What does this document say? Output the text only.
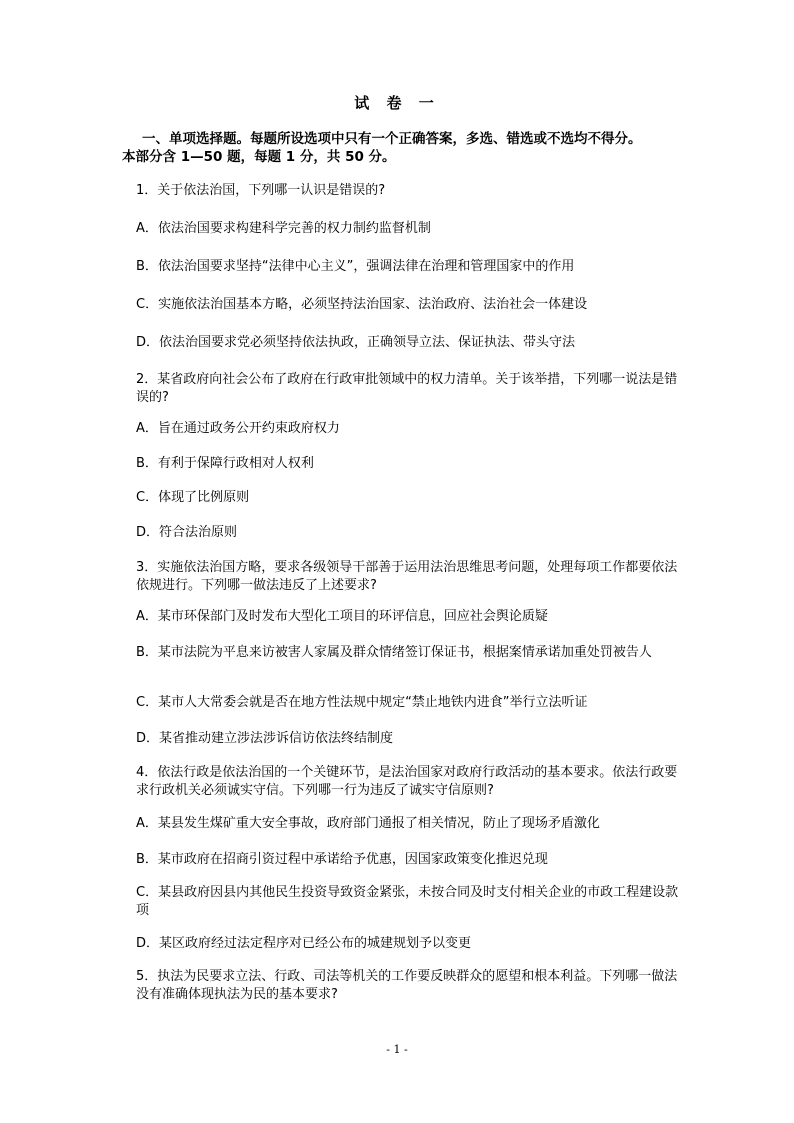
试 卷 一
一、单项选择题。每题所设选项中只有一个正确答案，多选、错选或不选均不得分。
本部分含 1—50 题，每题 1 分，共 50 分。
1．关于依法治国，下列哪一认识是错误的?
A．依法治国要求构建科学完善的权力制约监督机制
B．依法治国要求坚持“法律中心主义”，强调法律在治理和管理国家中的作用
C．实施依法治国基本方略，必须坚持法治国家、法治政府、法治社会一体建设
D．依法治国要求党必须坚持依法执政，正确领导立法、保证执法、带头守法
2．某省政府向社会公布了政府在行政审批领域中的权力清单。关于该举措，下列哪一说法是错误的?
A．旨在通过政务公开约束政府权力
B．有利于保障行政相对人权利
C．体现了比例原则
D．符合法治原则
3．实施依法治国方略，要求各级领导干部善于运用法治思维思考问题，处理每项工作都要依法依规进行。下列哪一做法违反了上述要求?
A．某市环保部门及时发布大型化工项目的环评信息，回应社会舆论质疑
B．某市法院为平息来访被害人家属及群众情绪签订保证书，根据案情承诺加重处罚被告人
C．某市人大常委会就是否在地方性法规中规定“禁止地铁内进食”举行立法听证
D．某省推动建立涉法涉诉信访依法终结制度
4．依法行政是依法治国的一个关键环节，是法治国家对政府行政活动的基本要求。依法行政要求行政机关必须诚实守信。下列哪一行为违反了诚实守信原则?
A．某县发生煤矿重大安全事故，政府部门通报了相关情况，防止了现场矛盾激化
B．某市政府在招商引资过程中承诺给予优惠，因国家政策变化推迟兑现
C．某县政府因县内其他民生投资导致资金紧张，未按合同及时支付相关企业的市政工程建设款项
D．某区政府经过法定程序对已经公布的城建规划予以变更
5．执法为民要求立法、行政、司法等机关的工作要反映群众的愿望和根本利益。下列哪一做法没有准确体现执法为民的基本要求?
- 1 -
